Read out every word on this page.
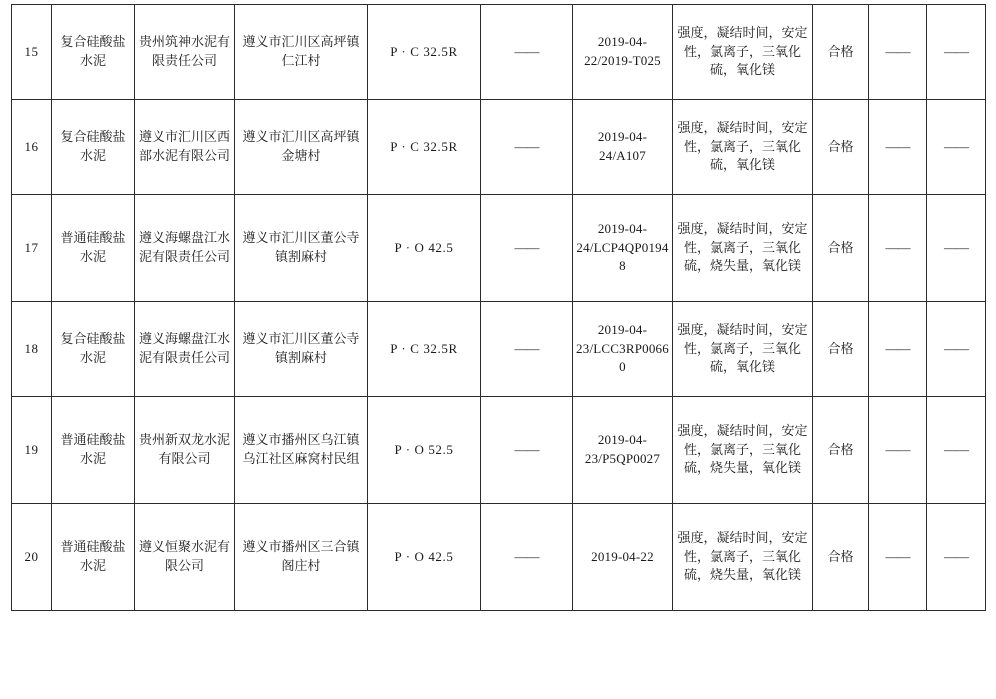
15	复合硅酸盐水泥	贵州筑神水泥有限责任公司	遵义市汇川区高坪镇仁江村	P · C 32.5R	——	2019-04-22/2019-T025	强度，凝结时间，安定性，氯离子，三氧化硫，氧化镁	合格	——	——
16	复合硅酸盐水泥	遵义市汇川区西部水泥有限公司	遵义市汇川区高坪镇金塘村	P · C 32.5R	——	2019-04-24/A107	强度，凝结时间，安定性，氯离子，三氧化硫，氧化镁	合格	——	——
17	普通硅酸盐水泥	遵义海螺盘江水泥有限责任公司	遵义市汇川区董公寺镇割麻村	P · O 42.5	——	2019-04-24/LCP4QP01948	强度，凝结时间，安定性，氯离子，三氧化硫，烧失量，氧化镁	合格	——	——
18	复合硅酸盐水泥	遵义海螺盘江水泥有限责任公司	遵义市汇川区董公寺镇割麻村	P · C 32.5R	——	2019-04-23/LCC3RP00660	强度，凝结时间，安定性，氯离子，三氧化硫，氧化镁	合格	——	——
19	普通硅酸盐水泥	贵州新双龙水泥有限公司	遵义市播州区乌江镇乌江社区麻窝村民组	P · O 52.5	——	2019-04-23/P5QP0027	强度，凝结时间，安定性，氯离子，三氧化硫，烧失量，氧化镁	合格	——	——
20	普通硅酸盐水泥	遵义恒聚水泥有限公司	遵义市播州区三合镇阁庄村	P · O 42.5	——	2019-04-22	强度，凝结时间，安定性，氯离子，三氧化硫，烧失量，氧化镁	合格	——	——
